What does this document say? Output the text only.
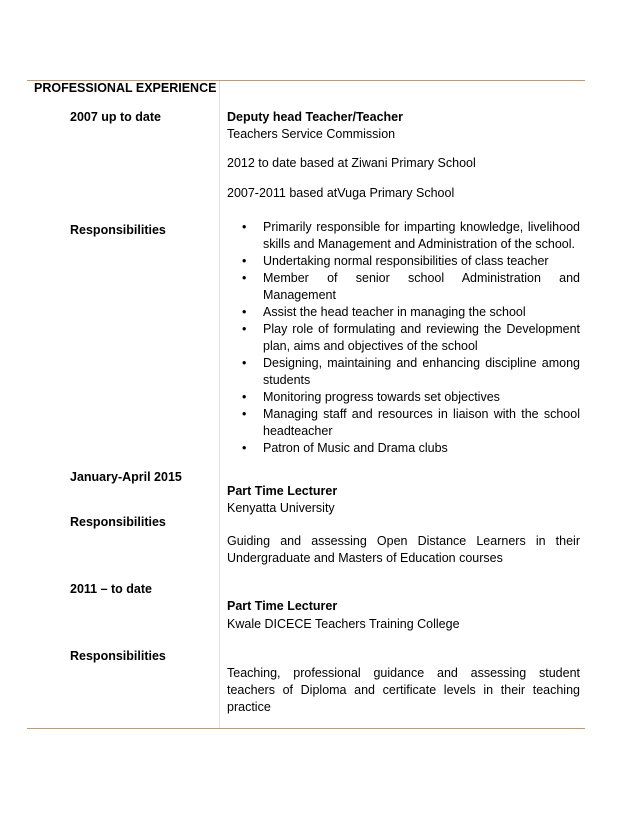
PROFESSIONAL EXPERIENCE
2007 up to date	Deputy head Teacher/Teacher
Teachers Service Commission
2012 to date based at Ziwani Primary School
2007-2011 based atVuga Primary School
Responsibilities	• Primarily responsible for imparting knowledge, livelihood skills and Management and Administration of the school.
• Undertaking normal responsibilities of class teacher
• Member of senior school Administration and Management
• Assist the head teacher in managing the school
• Play role of formulating and reviewing the Development plan, aims and objectives of the school
• Designing, maintaining and enhancing discipline among students
• Monitoring progress towards set objectives
• Managing staff and resources in liaison with the school headteacher
• Patron of Music and Drama clubs
January-April 2015
Part Time Lecturer
Kenyatta University
Responsibilities
Guiding and assessing Open Distance Learners in their Undergraduate and Masters of Education courses
2011 – to date
Part Time Lecturer
Kwale DICECE Teachers Training College
Responsibilities
Teaching, professional guidance and assessing student teachers of Diploma and certificate levels in their teaching practice
